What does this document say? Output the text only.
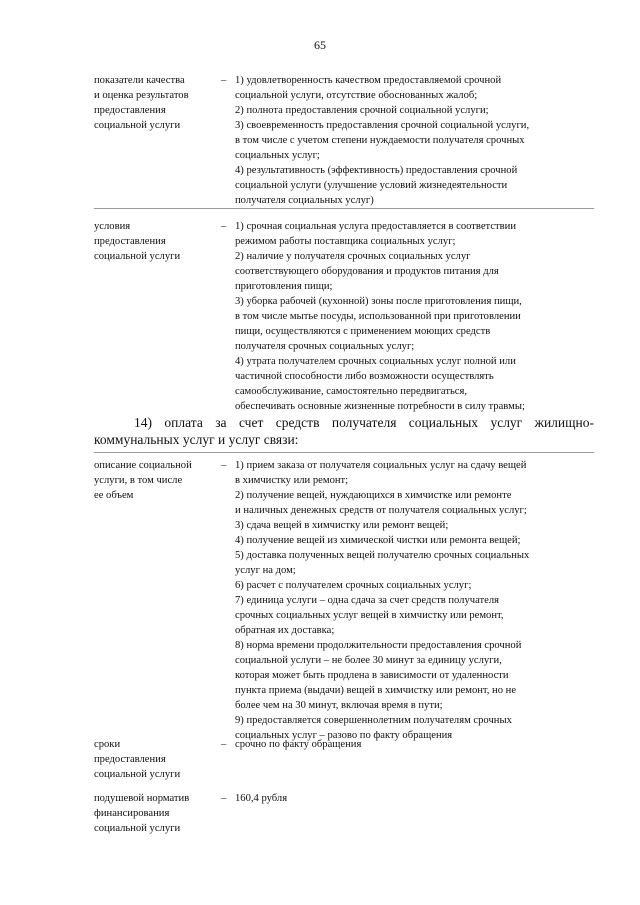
65
показатели качества
и оценка результатов
предоставления
социальной услуги
– 1) удовлетворенность качеством предоставляемой срочной
социальной услуги, отсутствие обоснованных жалоб;
2) полнота предоставления срочной социальной услуги;
3) своевременность предоставления срочной социальной услуги,
в том числе с учетом степени нуждаемости получателя срочных
социальных услуг;
4) результативность (эффективность) предоставления срочной
социальной услуги (улучшение условий жизнедеятельности
получателя социальных услуг)
условия
предоставления
социальной услуги
– 1) срочная социальная услуга предоставляется в соответствии
режимом работы поставщика социальных услуг;
2) наличие у получателя срочных социальных услуг
соответствующего оборудования и продуктов питания для
приготовления пищи;
3) уборка рабочей (кухонной) зоны после приготовления пищи,
в том числе мытье посуды, использованной при приготовлении
пищи, осуществляются с применением моющих средств
получателя срочных социальных услуг;
4) утрата получателем срочных социальных услуг полной или
частичной способности либо возможности осуществлять
самообслуживание, самостоятельно передвигаться,
обеспечивать основные жизненные потребности в силу травмы;
14) оплата за счет средств получателя социальных услуг жилищно-коммунальных услуг и услуг связи:
описание социальной
услуги, в том числе
ее объем
– 1) прием заказа от получателя социальных услуг на сдачу вещей
в химчистку или ремонт;
2) получение вещей, нуждающихся в химчистке или ремонте
и наличных денежных средств от получателя социальных услуг;
3) сдача вещей в химчистку или ремонт вещей;
4) получение вещей из химической чистки или ремонта вещей;
5) доставка полученных вещей получателю срочных социальных
услуг на дом;
6) расчет с получателем срочных социальных услуг;
7) единица услуги – одна сдача за счет средств получателя
срочных социальных услуг вещей в химчистку или ремонт,
обратная их доставка;
8) норма времени продолжительности предоставления срочной
социальной услуги – не более 30 минут за единицу услуги,
которая может быть продлена в зависимости от удаленности
пункта приема (выдачи) вещей в химчистку или ремонт, но не
более чем на 30 минут, включая время в пути;
9) предоставляется совершеннолетним получателям срочных
социальных услуг – разово по факту обращения
сроки
предоставления
социальной услуги
– срочно по факту обращения
подушевой норматив
финансирования
социальной услуги
– 160,4 рубля
